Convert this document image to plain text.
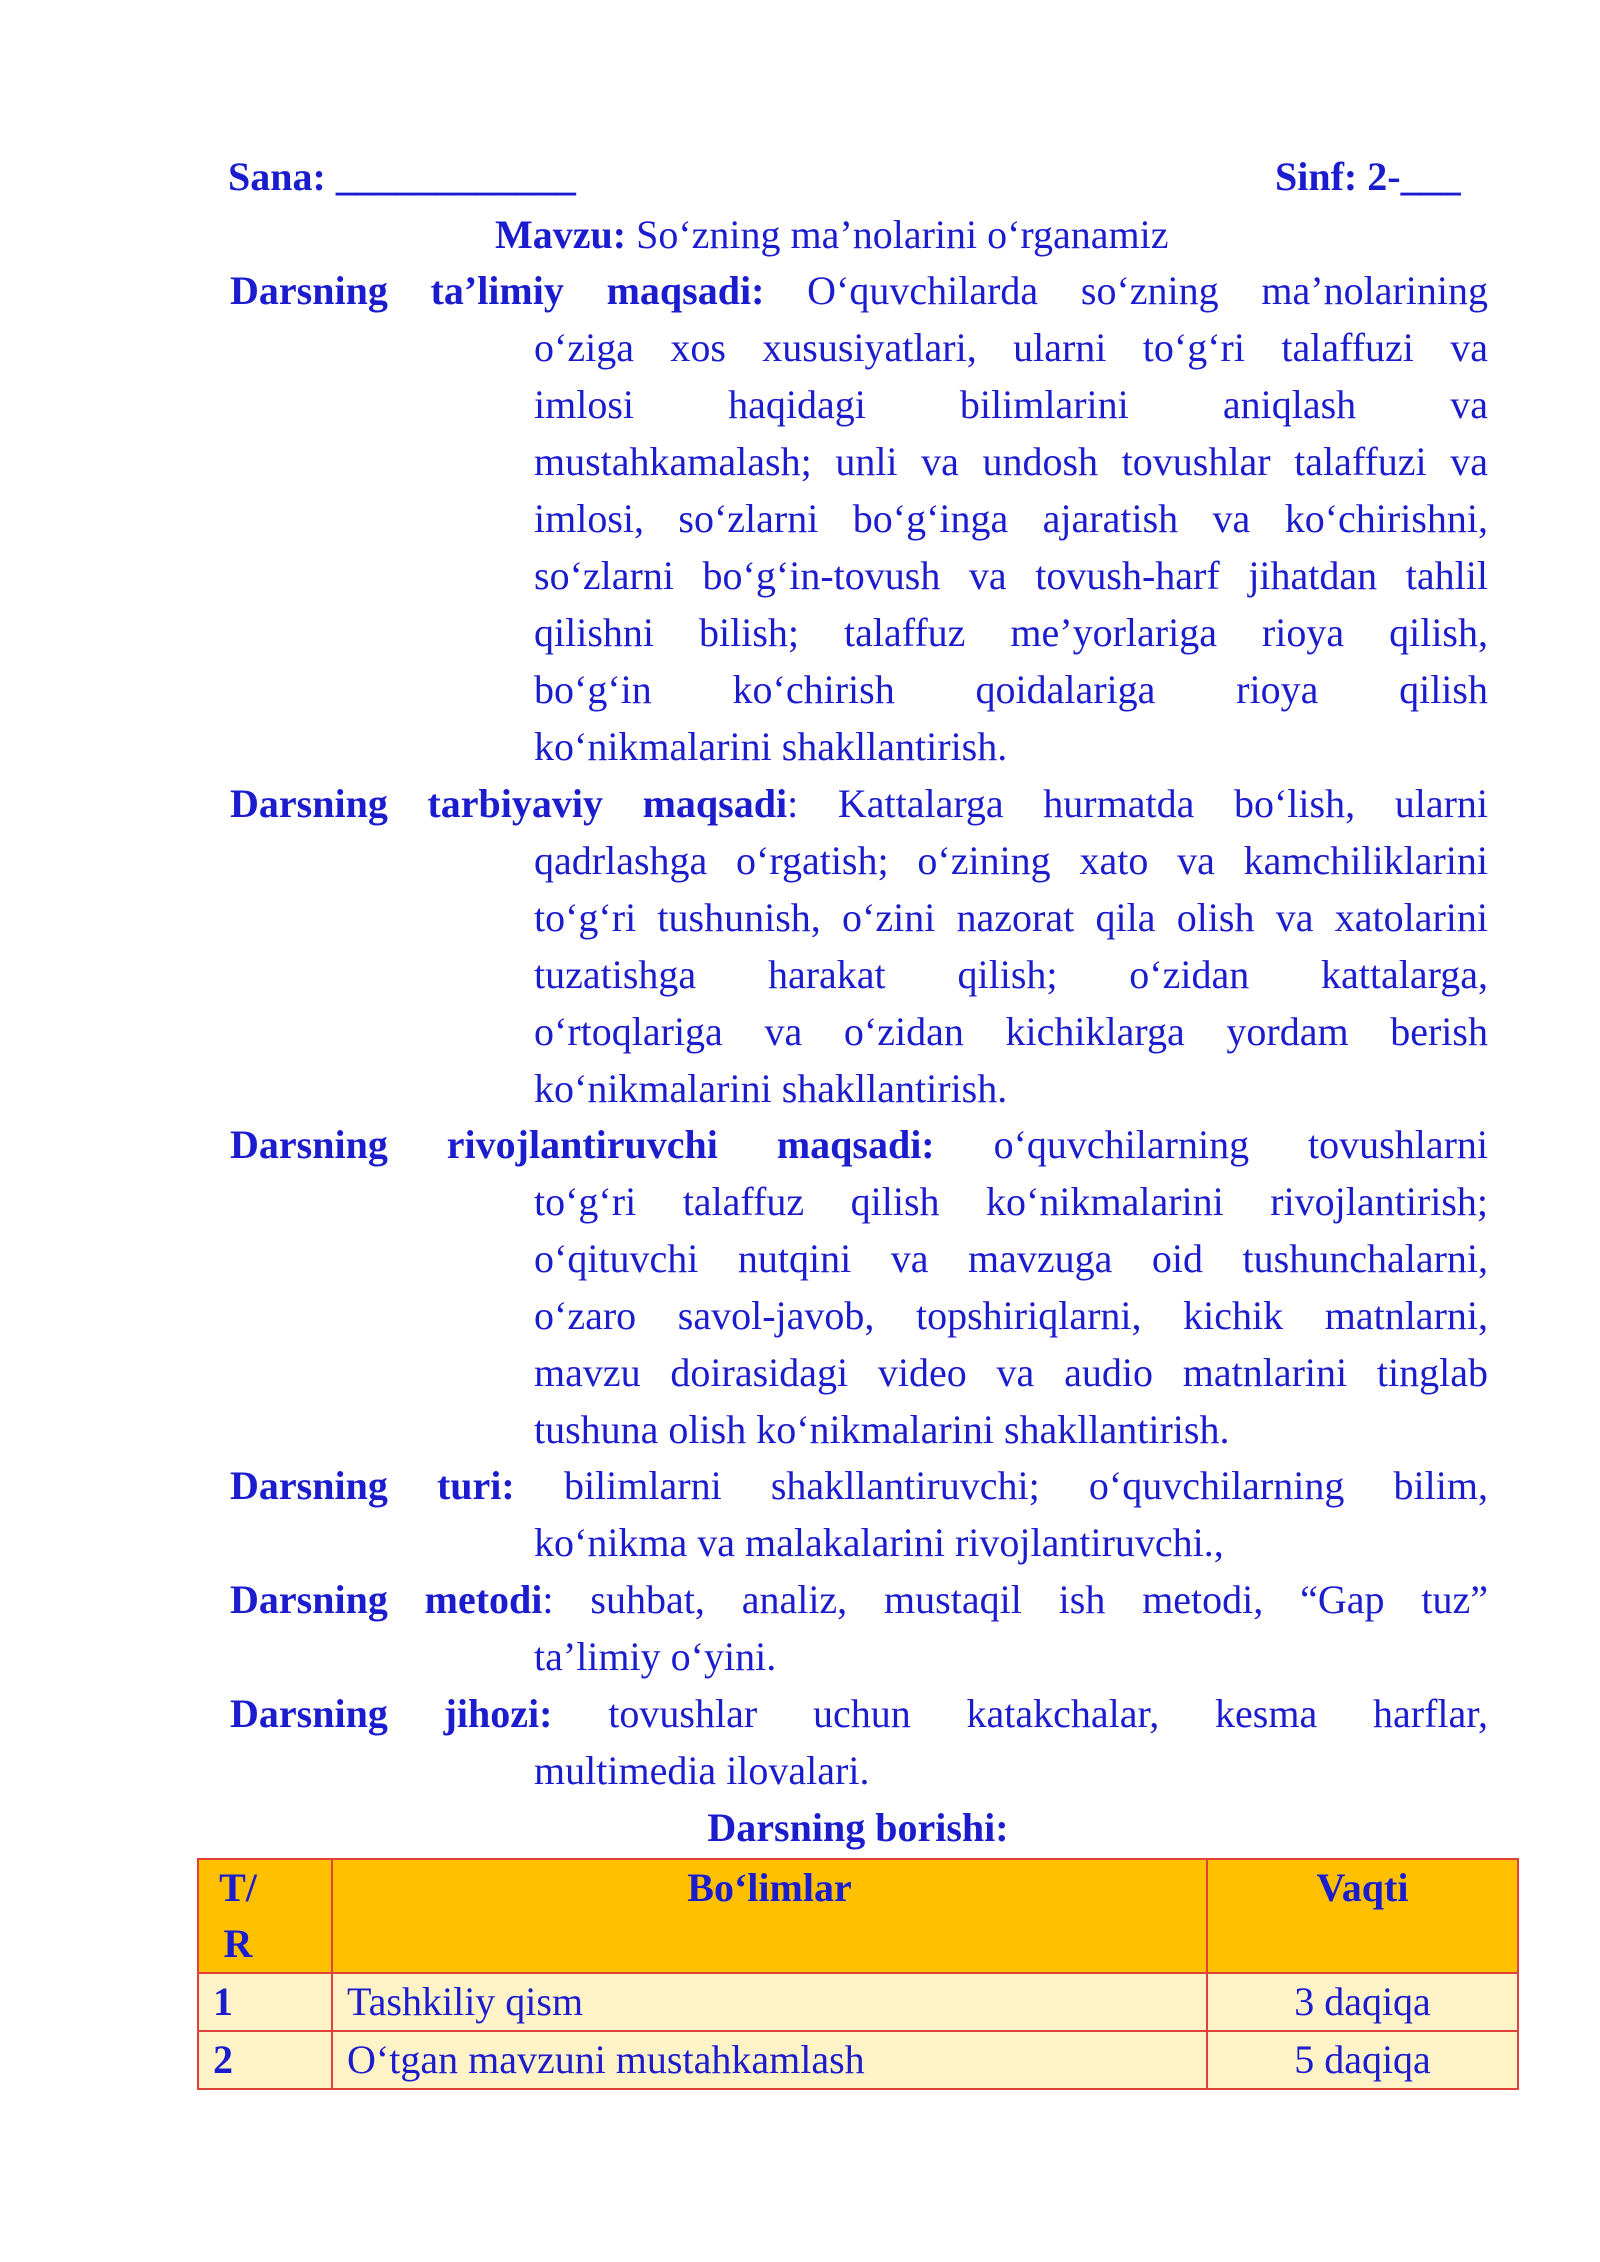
Sana: ____________	Sinf: 2-___
Mavzu: So‘zning ma’nolarini o‘rganamiz
Darsning ta’limiy maqsadi: O‘quvchilarda so‘zning ma’nolarining
o‘ziga xos xususiyatlari, ularni to‘g‘ri talaffuzi va
imlosi haqidagi bilimlarini aniqlash va
mustahkamalash; unli va undosh tovushlar talaffuzi va
imlosi, so‘zlarni bo‘g‘inga ajaratish va ko‘chirishni,
so‘zlarni bo‘g‘in-tovush va tovush-harf jihatdan tahlil
qilishni bilish; talaffuz me’yorlariga rioya qilish,
bo‘g‘in ko‘chirish qoidalariga rioya qilish
ko‘nikmalarini shakllantirish.
Darsning tarbiyaviy maqsadi: Kattalarga hurmatda bo‘lish, ularni
qadrlashga o‘rgatish; o‘zining xato va kamchiliklarini
to‘g‘ri tushunish, o‘zini nazorat qila olish va xatolarini
tuzatishga harakat qilish; o‘zidan kattalarga,
o‘rtoqlariga va o‘zidan kichiklarga yordam berish
ko‘nikmalarini shakllantirish.
Darsning rivojlantiruvchi maqsadi: o‘quvchilarning tovushlarni
to‘g‘ri talaffuz qilish ko‘nikmalarini rivojlantirish;
o‘qituvchi nutqini va mavzuga oid tushunchalarni,
o‘zaro savol-javob, topshiriqlarni, kichik matnlarni,
mavzu doirasidagi video va audio matnlarini tinglab
tushuna olish ko‘nikmalarini shakllantirish.
Darsning turi: bilimlarni shakllantiruvchi; o‘quvchilarning bilim,
ko‘nikma va malakalarini rivojlantiruvchi.,
Darsning metodi: suhbat, analiz, mustaqil ish metodi, “Gap tuz”
ta’limiy o‘yini.
Darsning jihozi: tovushlar uchun katakchalar, kesma harflar,
multimedia ilovalari.
Darsning borishi:
T/ R	Bo‘limlar	Vaqti
1	Tashkiliy qism	3 daqiqa
2	O‘tgan mavzuni mustahkamlash	5 daqiqa
